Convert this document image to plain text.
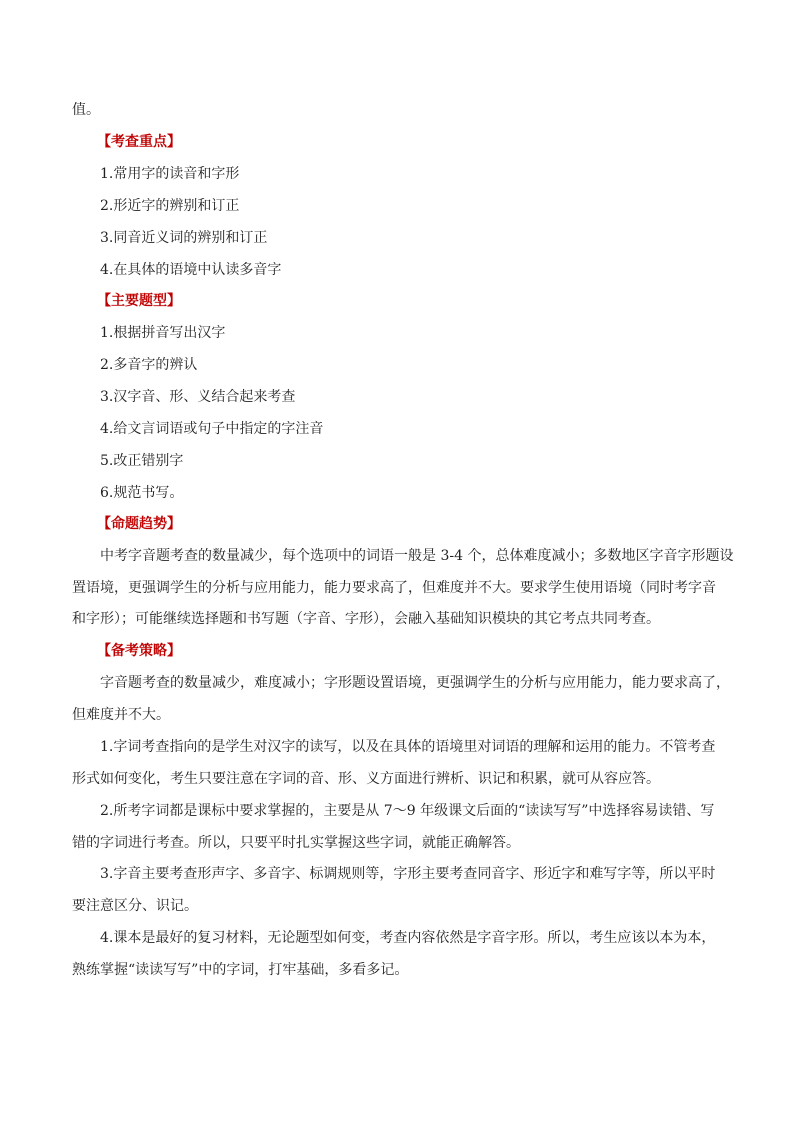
值。
【考查重点】
1.常用字的读音和字形
2.形近字的辨别和订正
3.同音近义词的辨别和订正
4.在具体的语境中认读多音字
【主要题型】
1.根据拼音写出汉字
2.多音字的辨认
3.汉字音、形、义结合起来考查
4.给文言词语或句子中指定的字注音
5.改正错别字
6.规范书写。
【命题趋势】
中考字音题考查的数量减少，每个选项中的词语一般是 3-4 个，总体难度减小；多数地区字音字形题设
置语境，更强调学生的分析与应用能力，能力要求高了，但难度并不大。要求学生使用语境（同时考字音
和字形）；可能继续选择题和书写题（字音、字形），会融入基础知识模块的其它考点共同考查。
【备考策略】
字音题考查的数量减少，难度减小；字形题设置语境，更强调学生的分析与应用能力，能力要求高了，
但难度并不大。
1.字词考查指向的是学生对汉字的读写，以及在具体的语境里对词语的理解和运用的能力。不管考查
形式如何变化，考生只要注意在字词的音、形、义方面进行辨析、识记和积累，就可从容应答。
2.所考字词都是课标中要求掌握的，主要是从 7～9 年级课文后面的“读读写写”中选择容易读错、写
错的字词进行考查。所以，只要平时扎实掌握这些字词，就能正确解答。
3.字音主要考查形声字、多音字、标调规则等，字形主要考查同音字、形近字和难写字等，所以平时
要注意区分、识记。
4.课本是最好的复习材料，无论题型如何变，考查内容依然是字音字形。所以，考生应该以本为本，
熟练掌握“读读写写”中的字词，打牢基础，多看多记。
